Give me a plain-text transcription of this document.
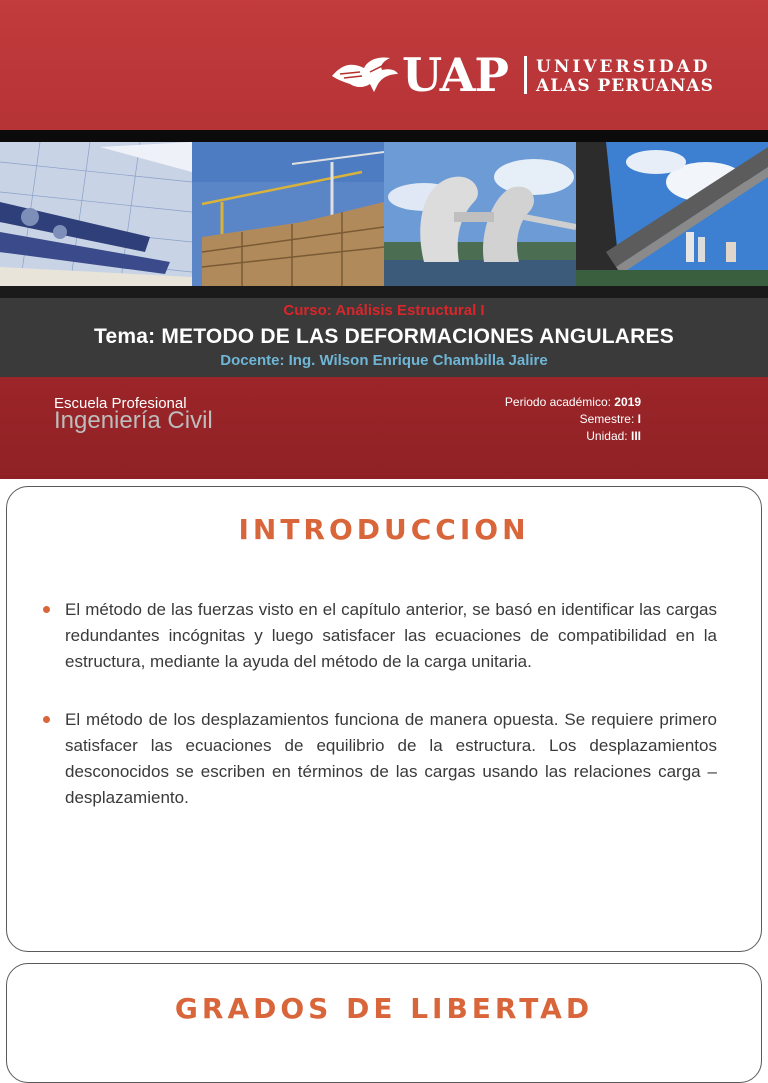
UAP UNIVERSIDAD
ALAS PERUANAS
Curso: Análisis Estructural I
Tema: METODO DE LAS DEFORMACIONES ANGULARES
Docente: Ing. Wilson Enrique Chambilla Jalire
Escuela Profesional
Ingeniería Civil
Periodo académico: 2019
Semestre: I
Unidad: III
INTRODUCCION
El método de las fuerzas visto en el capítulo anterior, se basó en identificar las cargas redundantes incógnitas y luego satisfacer las ecuaciones de compatibilidad en la estructura, mediante la ayuda del método de la carga unitaria.
El método de los desplazamientos funciona de manera opuesta. Se requiere primero satisfacer las ecuaciones de equilibrio de la estructura. Los desplazamientos desconocidos se escriben en términos de las cargas usando las relaciones carga – desplazamiento.
GRADOS DE LIBERTAD
